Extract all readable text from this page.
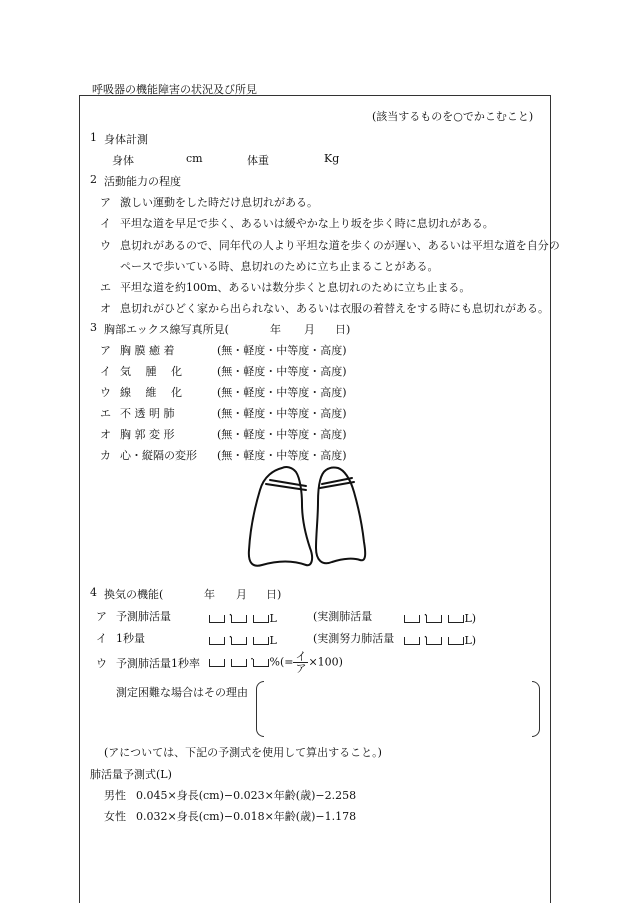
呼吸器の機能障害の状況及び所見
(該当するものを○でかこむこと)
1 身体計測
身体	cm	体重	Kg
2 活動能力の程度
ア 激しい運動をした時だけ息切れがある。
イ 平坦な道を早足で歩く、あるいは緩やかな上り坂を歩く時に息切れがある。
ウ 息切れがあるので、同年代の人より平坦な道を歩くのが遅い、あるいは平坦な道を自分の
ペースで歩いている時、息切れのために立ち止まることがある。
エ 平坦な道を約100m、あるいは数分歩くと息切れのために立ち止まる。
オ 息切れがひどく家から出られない、あるいは衣服の着替えをする時にも息切れがある。
3 胸部エックス線写真所見(	年 月 日)
ア 胸 膜 癒 着	(無・軽度・中等度・高度)
イ 気 　腫 　化	(無・軽度・中等度・高度)
ウ 線 　維 　化	(無・軽度・中等度・高度)
エ 不 透 明 肺	(無・軽度・中等度・高度)
オ 胸 郭 変 形	(無・軽度・中等度・高度)
カ 心・縦隔の変形 (無・軽度・中等度・高度)
4 換気の機能(	年 月 日)
ア 予測肺活量	・	L	(実測肺活量	・	L)
イ 1秒量	・	L	(実測努力肺活量	・	L)
ウ 予測肺活量1秒率	・ %(= $\frac{\text{イ}}{\text{ア}} \times 100$)
測定困難な場合はその理由
(アについては、下記の予測式を使用して算出すること。)
肺活量予測式(L)
男性 0.045×身長(cm)−0.023×年齢(歳)−2.258
女性 0.032×身長(cm)−0.018×年齢(歳)−1.178
